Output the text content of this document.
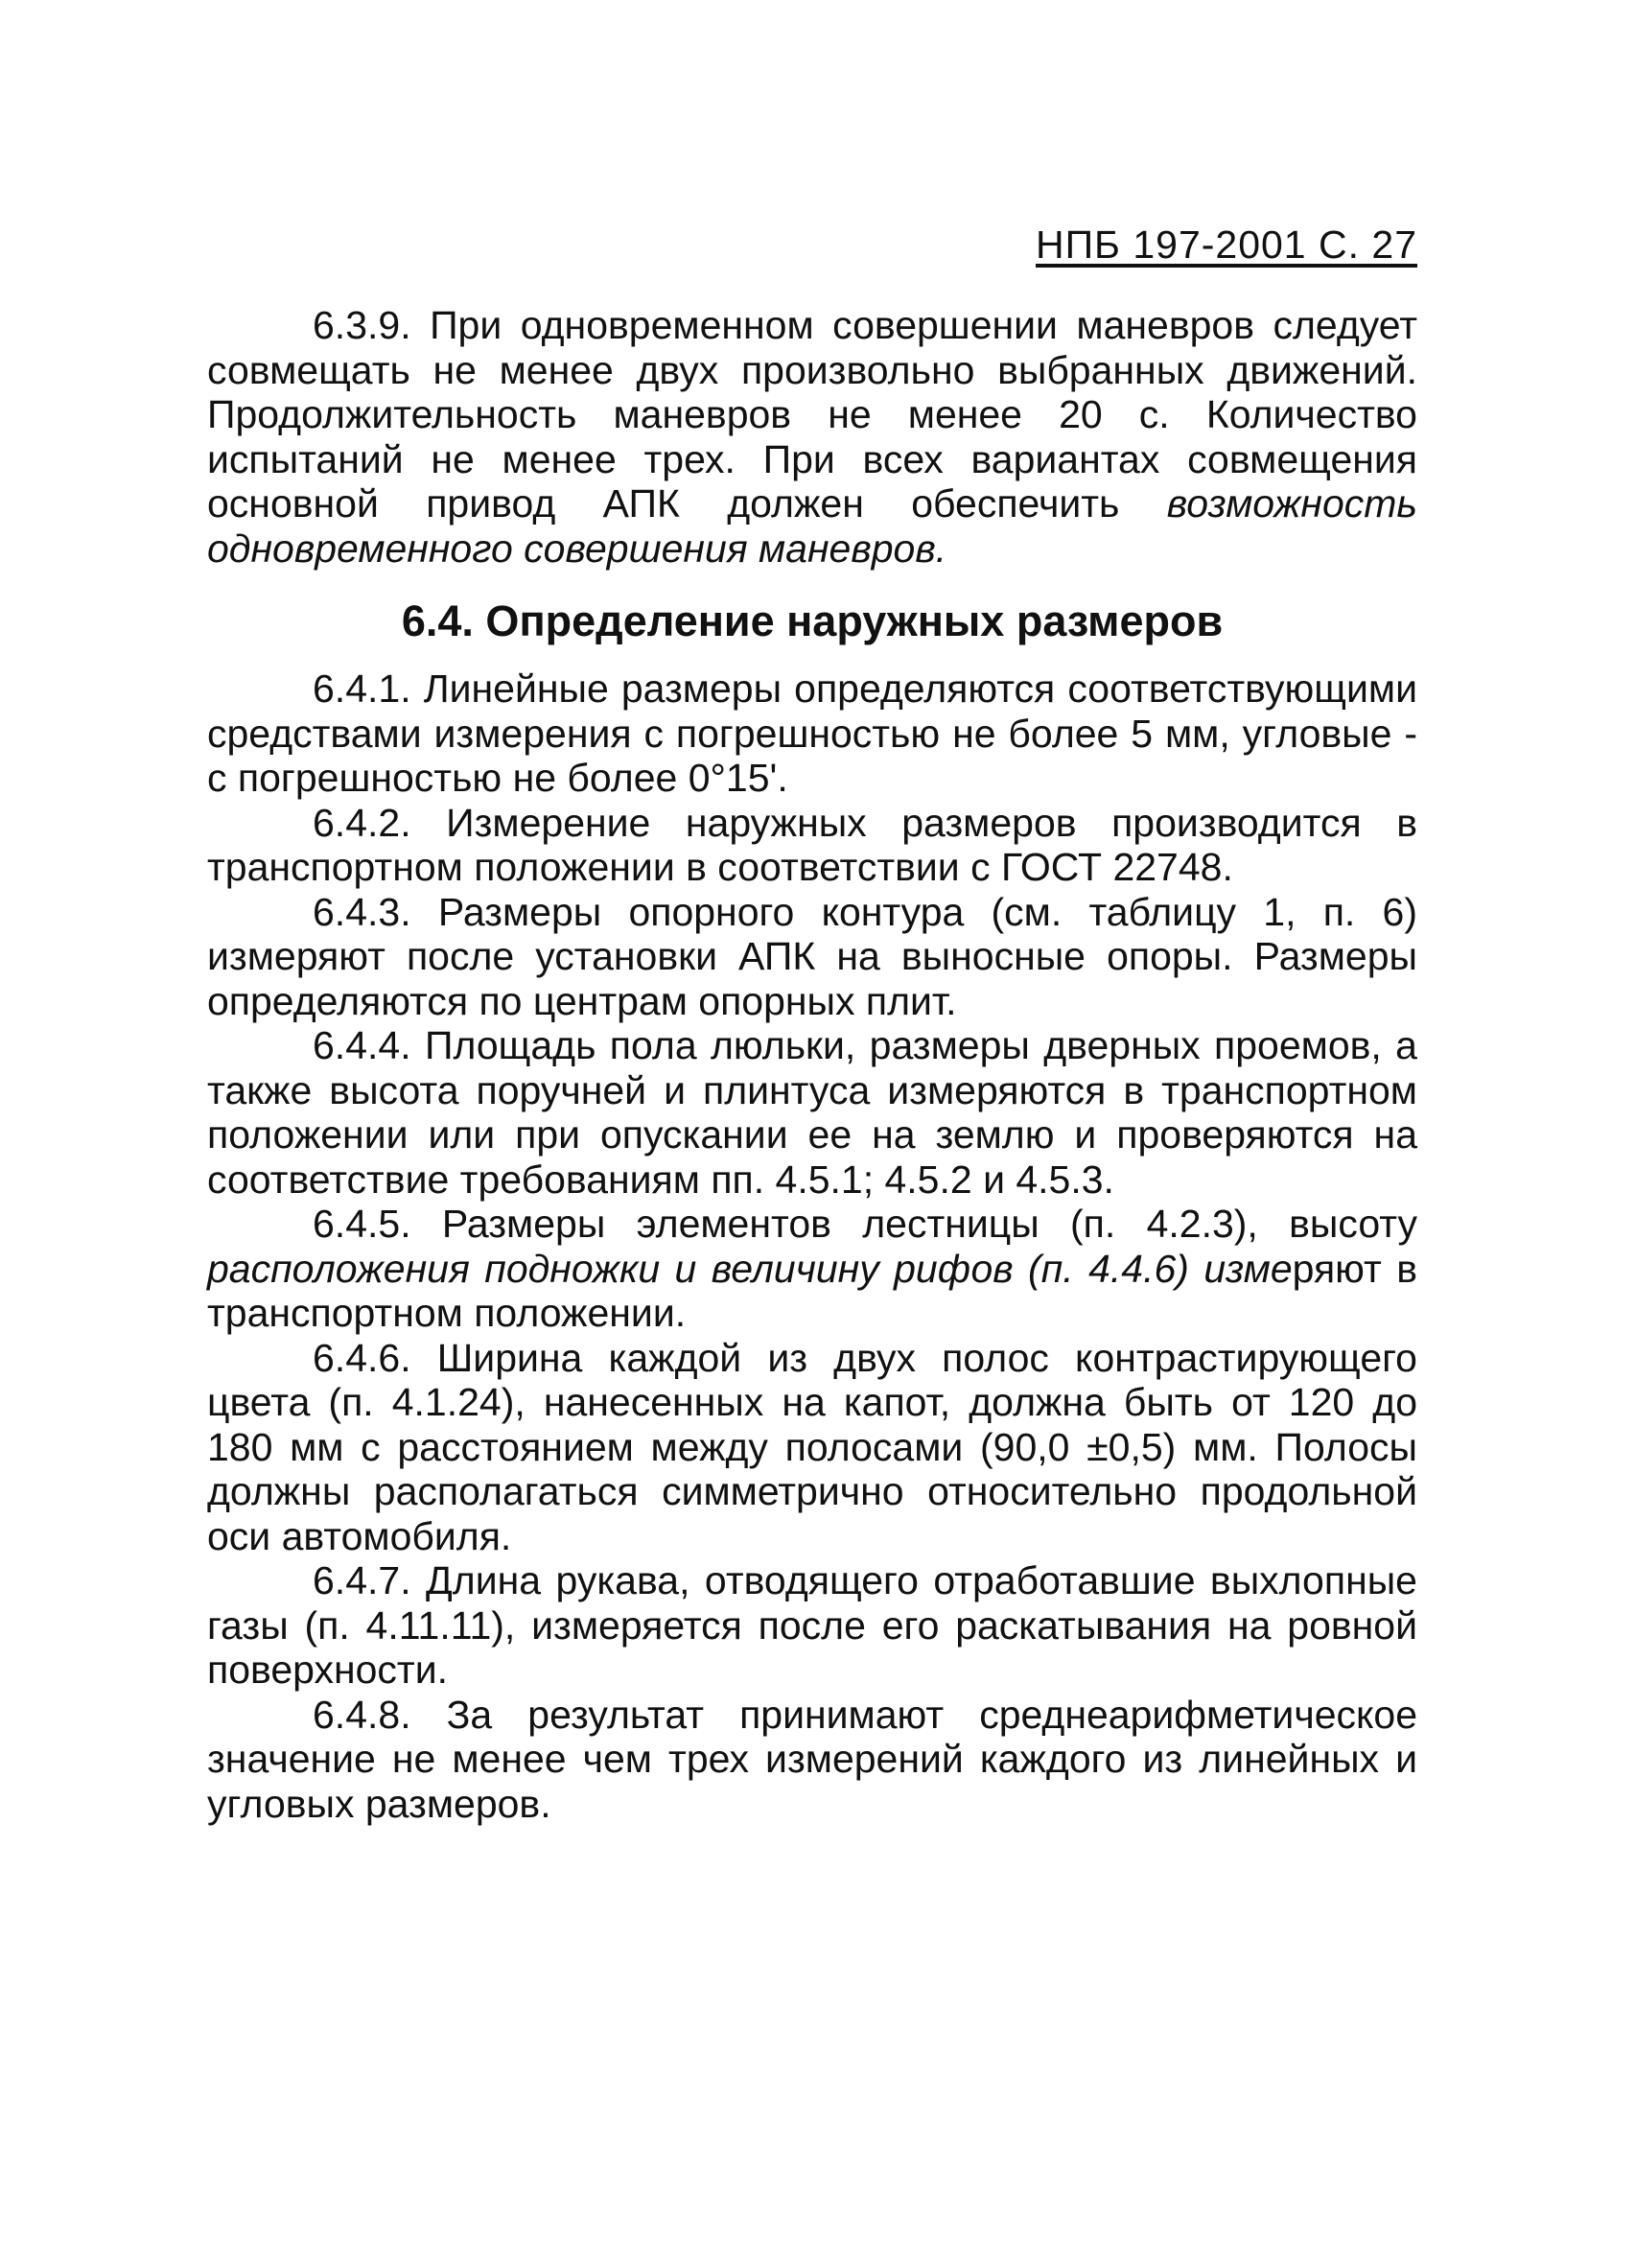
НПБ 197-2001 С. 27

6.3.9. При одновременном совершении маневров следует совмещать не менее двух произвольно выбранных движений. Продолжительность маневров не менее 20 с. Количество испытаний не менее трех. При всех вариантах совмещения основной привод АПК должен обеспечить возможность одновременного совершения маневров.

6.4. Определение наружных размеров

6.4.1. Линейные размеры определяются соответствующими средствами измерения с погрешностью не более 5 мм, угловые - с погрешностью не более 0°15'.

6.4.2. Измерение наружных размеров производится в транспортном положении в соответствии с ГОСТ 22748.

6.4.3. Размеры опорного контура (см. таблицу 1, п. 6) измеряют после установки АПК на выносные опоры. Размеры определяются по центрам опорных плит.

6.4.4. Площадь пола люльки, размеры дверных проемов, а также высота поручней и плинтуса измеряются в транспортном положении или при опускании ее на землю и проверяются на соответствие требованиям пп. 4.5.1; 4.5.2 и 4.5.3.

6.4.5. Размеры элементов лестницы (п. 4.2.3), высоту расположения подножки и величину рифов (п. 4.4.6) измеряют в транспортном положении.

6.4.6. Ширина каждой из двух полос контрастирующего цвета (п. 4.1.24), нанесенных на капот, должна быть от 120 до 180 мм с расстоянием между полосами (90,0 ±0,5) мм. Полосы должны располагаться симметрично относительно продольной оси автомобиля.

6.4.7. Длина рукава, отводящего отработавшие выхлопные газы (п. 4.11.11), измеряется после его раскатывания на ровной поверхности.

6.4.8. За результат принимают среднеарифметическое значение не менее чем трех измерений каждого из линейных и угловых размеров.
